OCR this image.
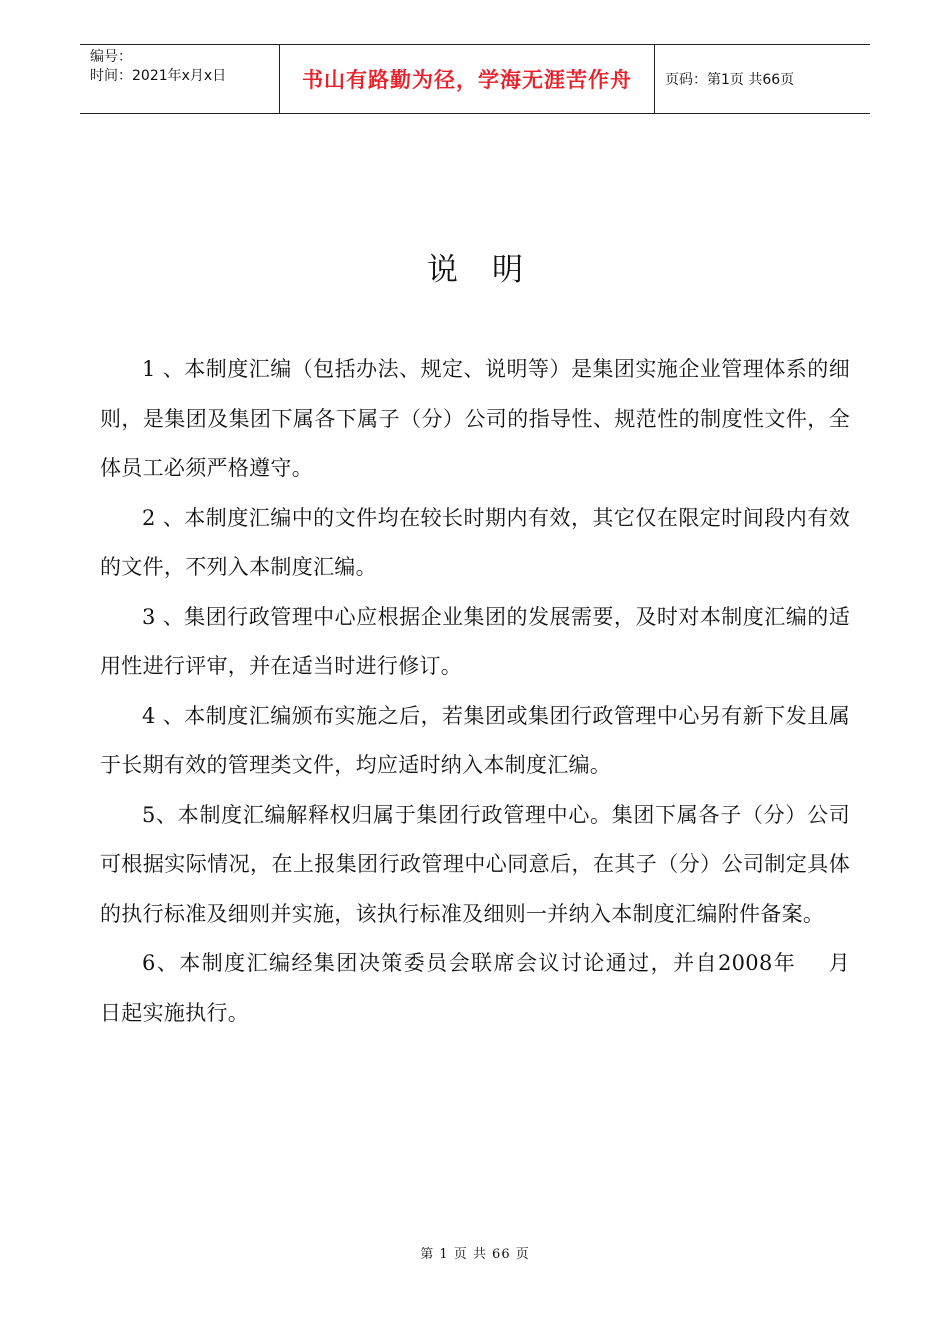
编号：
时间：2021年x月x日	书山有路勤为径，学海无涯苦作舟	页码：第1页 共66页
说明

1 、本制度汇编（包括办法、规定、说明等）是集团实施企业管理体系的细则，是集团及集团下属各下属子（分）公司的指导性、规范性的制度性文件，全体员工必须严格遵守。

2 、本制度汇编中的文件均在较长时期内有效，其它仅在限定时间段内有效的文件，不列入本制度汇编。

3 、集团行政管理中心应根据企业集团的发展需要，及时对本制度汇编的适用性进行评审，并在适当时进行修订。

4 、本制度汇编颁布实施之后，若集团或集团行政管理中心另有新下发且属于长期有效的管理类文件，均应适时纳入本制度汇编。

5、本制度汇编解释权归属于集团行政管理中心。集团下属各子（分）公司可根据实际情况，在上报集团行政管理中心同意后，在其子（分）公司制定具体的执行标准及细则并实施，该执行标准及细则一并纳入本制度汇编附件备案。

6、本制度汇编经集团决策委员会联席会议讨论通过，并自2008年    月    日起实施执行。

第 1 页 共 66 页
